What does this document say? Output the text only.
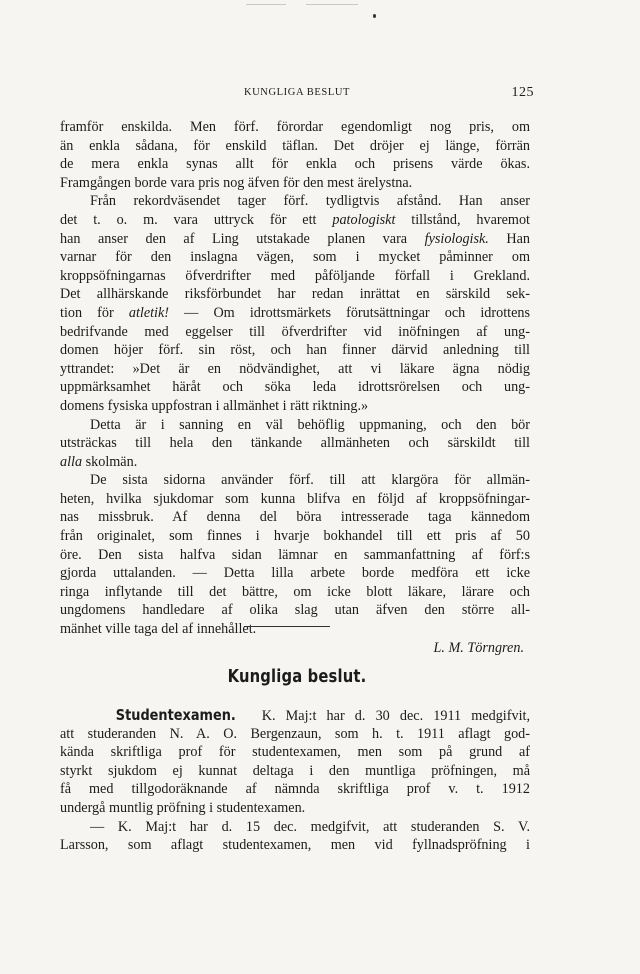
KUNGLIGA BESLUT	125
framför enskilda. Men förf. förordar egendomligt nog pris, om
än enkla sådana, för enskild täflan. Det dröjer ej länge, förrän
de mera enkla synas allt för enkla och prisens värde ökas.
Framgången borde vara pris nog äfven för den mest ärelystna.
Från rekordväsendet tager förf. tydligtvis afstånd. Han anser
det t. o. m. vara uttryck för ett patologiskt tillstånd, hvaremot
han anser den af Ling utstakade planen vara fysiologisk. Han
varnar för den inslagna vägen, som i mycket påminner om
kroppsöfningarnas öfverdrifter med påföljande förfall i Grekland.
Det allhärskande riksförbundet har redan inrättat en särskild sek-
tion för atletik! — Om idrottsmärkets förutsättningar och idrottens
bedrifvande med eggelser till öfverdrifter vid inöfningen af ung-
domen höjer förf. sin röst, och han finner därvid anledning till
yttrandet: »Det är en nödvändighet, att vi läkare ägna nödig
uppmärksamhet häråt och söka leda idrottsrörelsen och ung-
domens fysiska uppfostran i allmänhet i rätt riktning.»
Detta är i sanning en väl behöflig uppmaning, och den bör
utsträckas till hela den tänkande allmänheten och särskildt till
alla skolmän.
De sista sidorna använder förf. till att klargöra för allmän-
heten, hvilka sjukdomar som kunna blifva en följd af kroppsöfningar-
nas missbruk. Af denna del böra intresserade taga kännedom
från originalet, som finnes i hvarje bokhandel till ett pris af 50
öre. Den sista halfva sidan lämnar en sammanfattning af förf:s
gjorda uttalanden. — Detta lilla arbete borde medföra ett icke
ringa inflytande till det bättre, om icke blott läkare, lärare och
ungdomens handledare af olika slag utan äfven den större all-
mänhet ville taga del af innehållet.
L. M. Törngren.
Kungliga beslut.
Studentexamen. K. Maj:t har d. 30 dec. 1911 medgifvit,
att studeranden N. A. O. Bergenzaun, som h. t. 1911 aflagt god-
kända skriftliga prof för studentexamen, men som på grund af
styrkt sjukdom ej kunnat deltaga i den muntliga pröfningen, må
få med tillgodoräknande af nämnda skriftliga prof v. t. 1912
undergå muntlig pröfning i studentexamen.
— K. Maj:t har d. 15 dec. medgifvit, att studeranden S. V.
Larsson, som aflagt studentexamen, men vid fyllnadspröfning i
